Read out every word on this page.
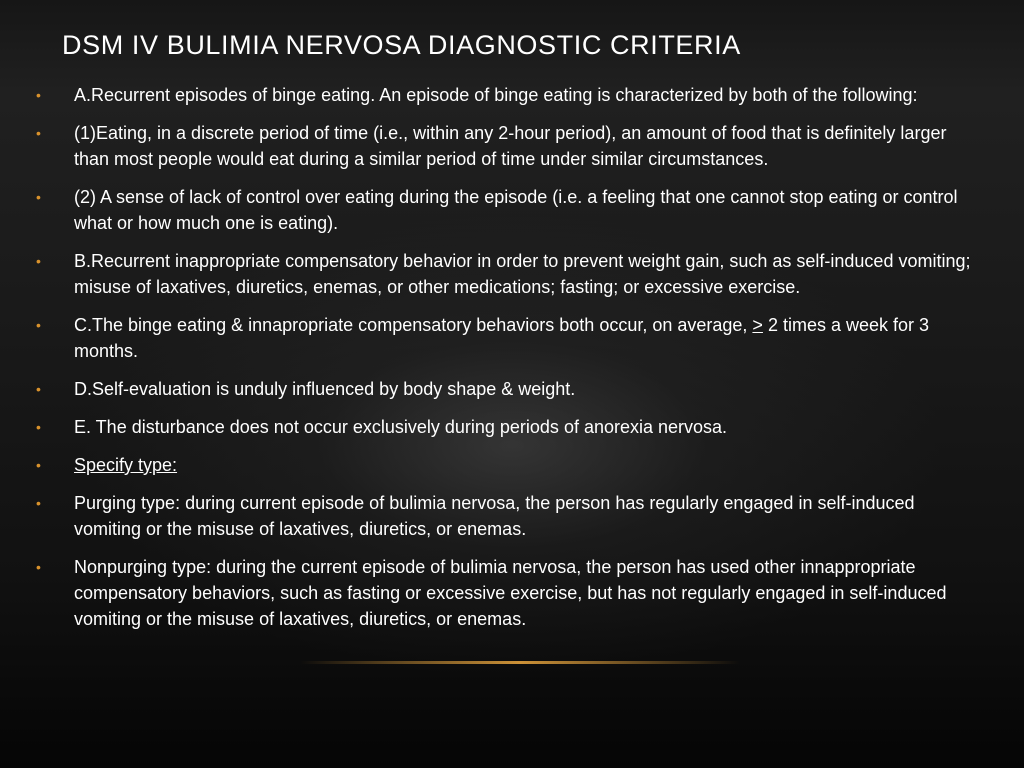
DSM IV BULIMIA NERVOSA DIAGNOSTIC CRITERIA
• A.Recurrent episodes of binge eating. An episode of binge eating is characterized by both of the following:
• (1)Eating, in a discrete period of time (i.e., within any 2-hour period), an amount of food that is definitely larger than most people would eat during a similar period of time under similar circumstances.
• (2) A sense of lack of control over eating during the episode (i.e. a feeling that one cannot stop eating or control what or how much one is eating).
• B.Recurrent inappropriate compensatory behavior in order to prevent weight gain, such as self-induced vomiting; misuse of laxatives, diuretics, enemas, or other medications; fasting; or excessive exercise.
• C.The binge eating & innapropriate compensatory behaviors both occur, on average, > 2 times a week for 3 months.
• D.Self-evaluation is unduly influenced by body shape & weight.
• E. The disturbance does not occur exclusively during periods of anorexia nervosa.
• Specify type:
• Purging type: during current episode of bulimia nervosa, the person has regularly engaged in self-induced vomiting or the misuse of laxatives, diuretics, or enemas.
• Nonpurging type: during the current episode of bulimia nervosa, the person has used other innappropriate compensatory behaviors, such as fasting or excessive exercise, but has not regularly engaged in self-induced vomiting or the misuse of laxatives, diuretics, or enemas.
